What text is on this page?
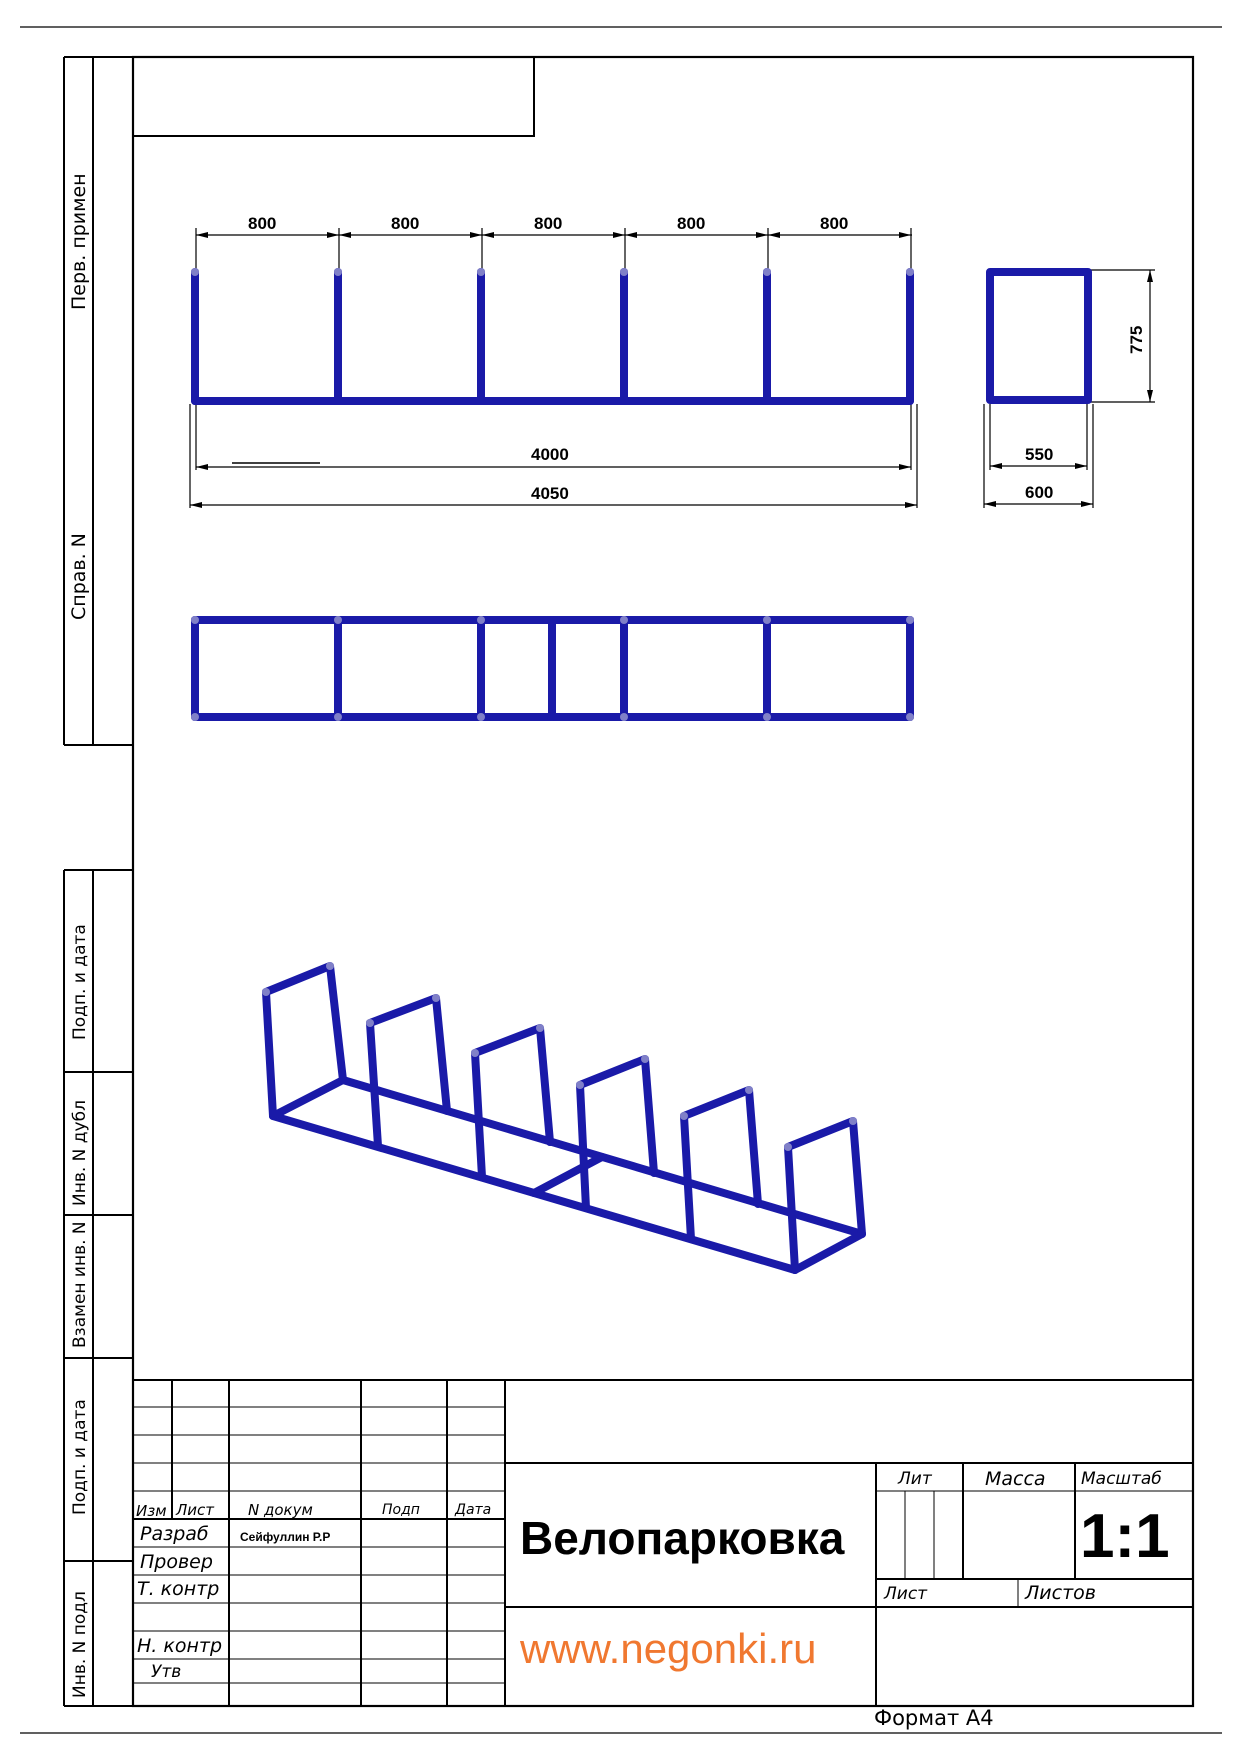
Перв. примен
Справ. N
Подп. и дата
Инв. N дубл
Взамен инв. N
Подп. и дата
Инв. N подл
800	800	800	800	800
4000
4050
775
550
600
Изм Лист N докум	Подп	Дата
Разраб	Сейфуллин Р.Р
Провер
Т. контр
Н. контр
Утв
Велопарковка
www.negonki.ru
Лит	Масса Масштаб
1:1
Лист	Листов
Формат А4
